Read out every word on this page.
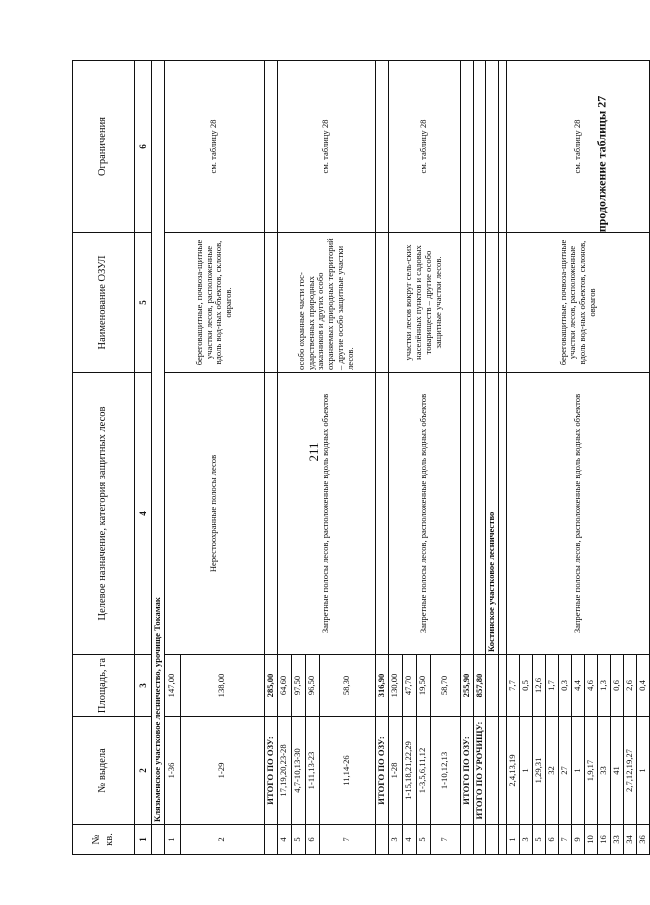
211
продолжение таблицы 27
№ кв.	№ выдела	Площадь, га	Целевое назначение, категория защитных лесов	Наименование ОЗУЛ	Ограничения
1	2	3	4	5	6
	Клязьменское участковое лесничество, урочище Токамак				
1	1-36	147,00	Нерестоохранные полосы лесов	береговащитные, почвоза-щитные участки лесов, расположенные вдоль вод-ных объектов, склонов, оврагов.	см. таблицу 28
2	1-29	138,00			
	ИТОГО ПО ОЗУ:	285,00			
4	17,19,20,23-28	64,60	Запретные полосы лесов, расположенные вдоль водных объектов	особо охранные части гос-ударственных природных заказников и других особо охраняемых природных территорий – другие особо защитные участки лесов.	см. таблицу 28
5	4,7-10,13-30	97,50			
6	1-11,13-23	96,50			
7	11,14-26	58,30			
	ИТОГО ПО ОЗУ:	316,90			
3	1-28	130,00	Запретные полосы лесов, расположенные вдоль водных объектов	участки лесов вокруг сель-ских населённых пунктов и садовых товариществ – другие особо защитные участки лесов.	см. таблицу 28
4	1-15,18,21,22,29	47,70			
5	1-3,5,6,11,12	19,50			
7	1-10,12,13	58,70			
	ИТОГО ПО ОЗУ:	255,90			
	ИТОГО ПО УРОЧИЩУ:	857,80			
			Костинское участковое лесничество		

1	2,4,13,19	7,7	Запретные полосы лесов, расположенные вдоль водных объектов	береговащитные, почвоза-щитные участки лесов, расположенные вдоль вод-ных объектов, склонов, оврагов	см. таблицу 28
3	1	0,5			
5	1,29,31	12,6			
6	32	1,7			
7	27	0,3			
9	1	4,4			
10	1,9,17	4,6			
16	33	1,3			
33	41	0,6			
34	2,7,12,19,27	2,6			
36	1	0,4			
